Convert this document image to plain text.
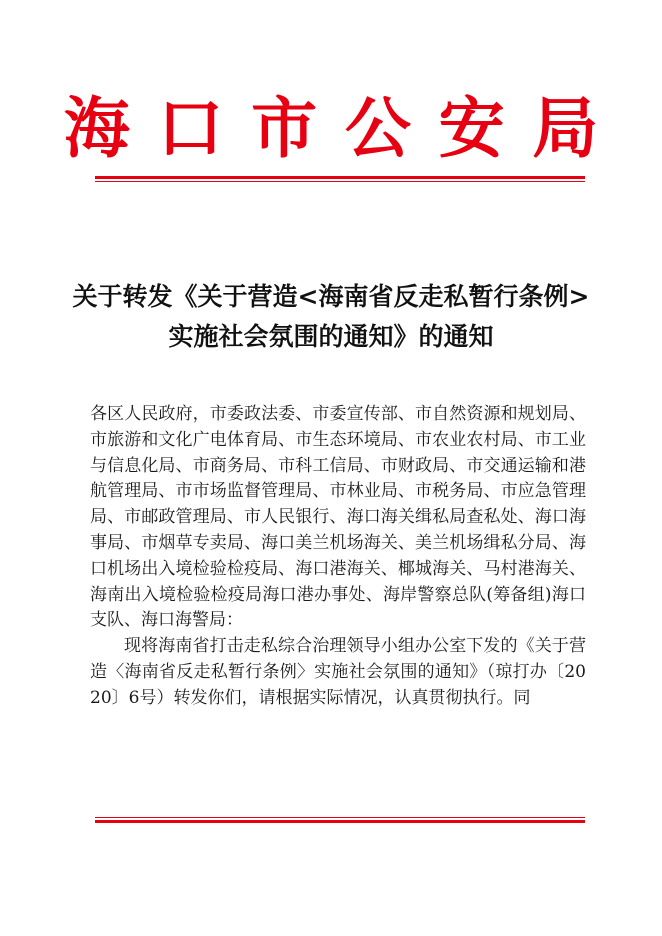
海口市公安局
关于转发《关于营造<海南省反走私暂行条例>
实施社会氛围的通知》的通知

各区人民政府，市委政法委、市委宣传部、市自然资源和规划局、市旅游和文化广电体育局、市生态环境局、市农业农村局、市工业与信息化局、市商务局、市科工信局、市财政局、市交通运输和港航管理局、市市场监督管理局、市林业局、市税务局、市应急管理局、市邮政管理局、市人民银行、海口海关缉私局查私处、海口海事局、市烟草专卖局、海口美兰机场海关、美兰机场缉私分局、海口机场出入境检验检疫局、海口港海关、椰城海关、马村港海关、海南出入境检验检疫局海口港办事处、海岸警察总队(筹备组)海口支队、海口海警局：

现将海南省打击走私综合治理领导小组办公室下发的《关于营造〈海南省反走私暂行条例〉实施社会氛围的通知》（琼打办〔2020〕6号）转发你们，请根据实际情况，认真贯彻执行。同
